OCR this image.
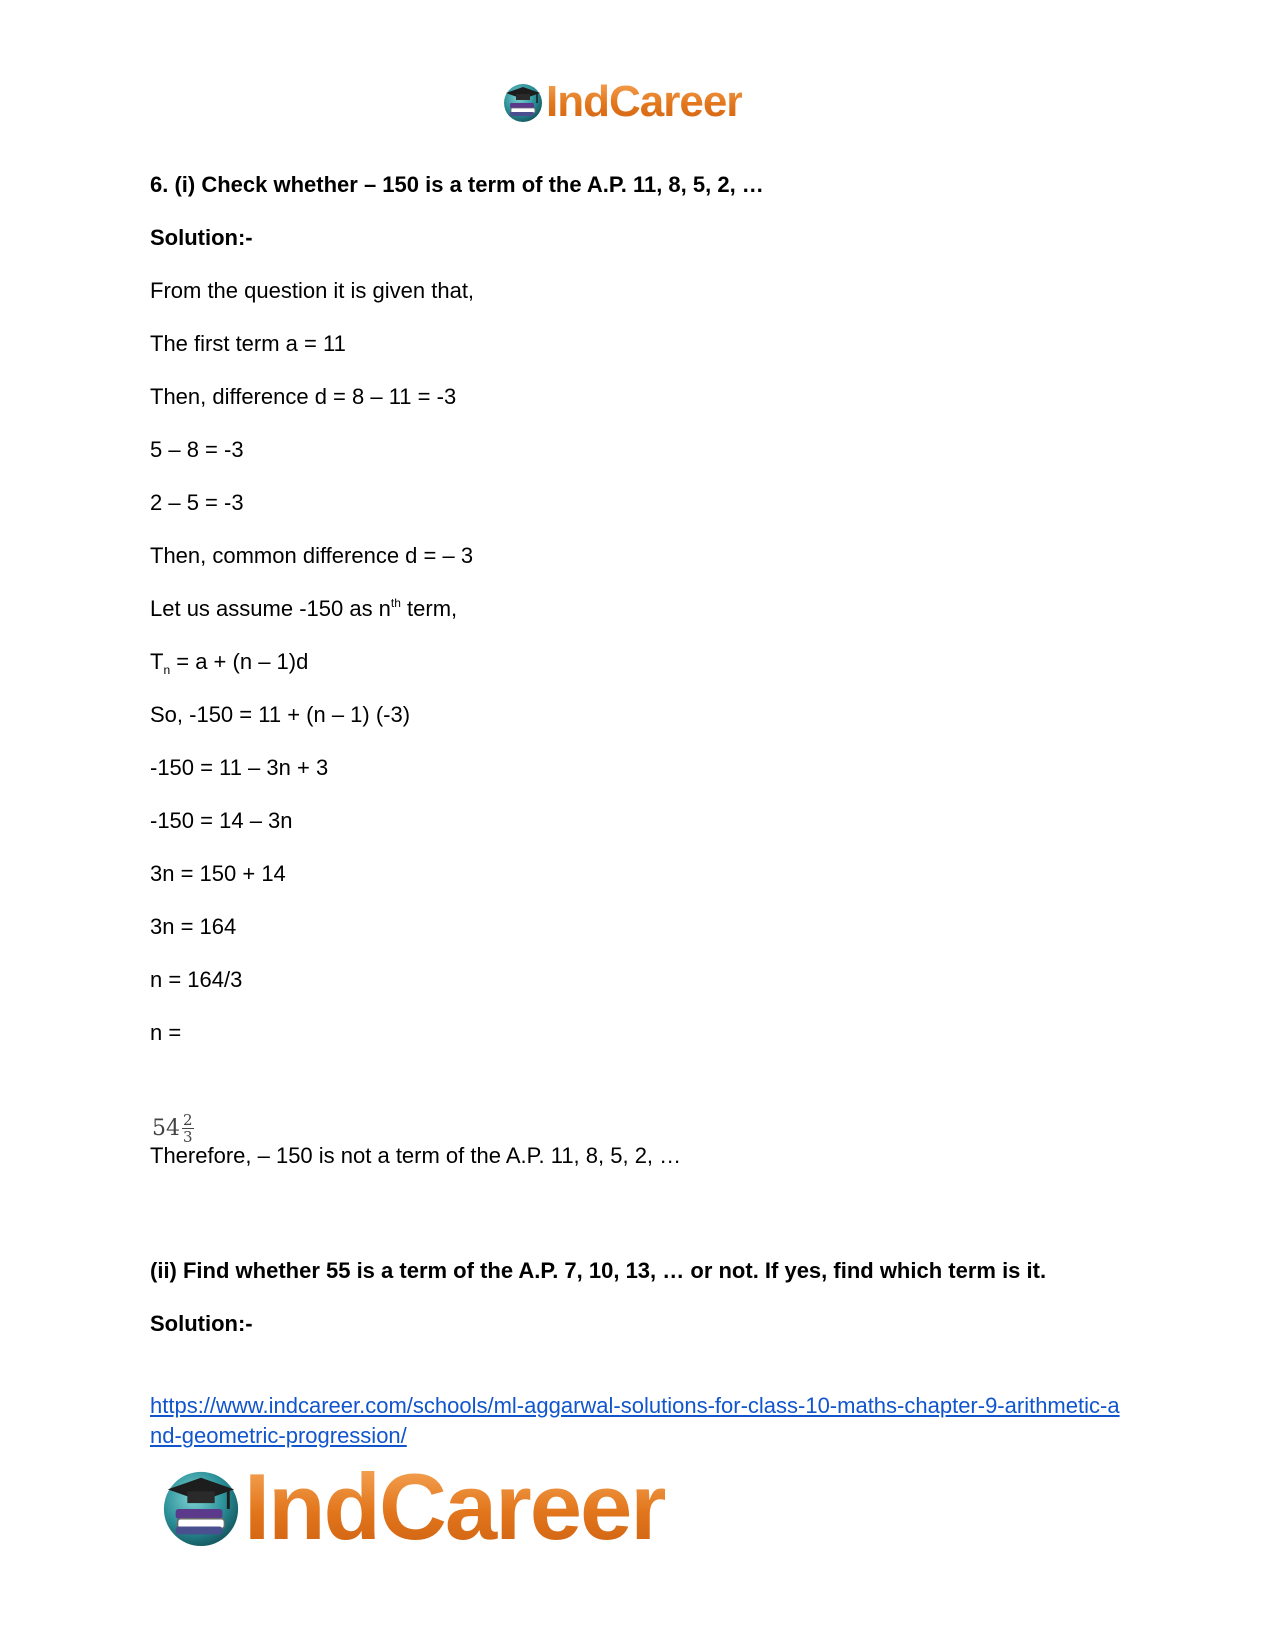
IndCareer
6. (i) Check whether – 150 is a term of the A.P. 11, 8, 5, 2, …
Solution:-
From the question it is given that,
The first term a = 11
Then, difference d = 8 – 11 = -3
5 – 8 = -3
2 – 5 = -3
Then, common difference d = – 3
Let us assume -150 as $n^{th}$ term,
$T_n = a + (n - 1)d$
So, -150 = 11 + (n – 1) (-3)
-150 = 11 – 3n + 3
-150 = 14 – 3n
3n = 150 + 14
3n = 164
n = 164/3
n =
$54 \frac{2}{3}$
Therefore, – 150 is not a term of the A.P. 11, 8, 5, 2, …
(ii) Find whether 55 is a term of the A.P. 7, 10, 13, … or not. If yes, find which term is it.
Solution:-
https://www.indcareer.com/schools/ml-aggarwal-solutions-for-class-10-maths-chapter-9-arithmetic-and-geometric-progression/
IndCareer
